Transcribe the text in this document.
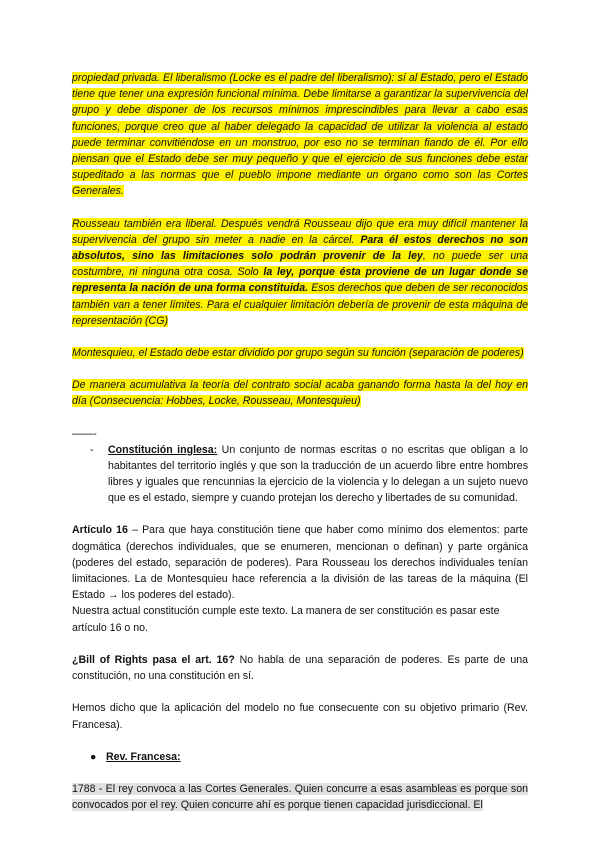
propiedad privada. El liberalismo (Locke es el padre del liberalismo): sí al Estado, pero el Estado tiene que tener una expresión funcional mínima. Debe limitarse a garantizar la supervivencia del grupo y debe disponer de los recursos mínimos imprescindibles para llevar a cabo esas funciones, porque creo que al haber delegado la capacidad de utilizar la violencia al estado puede terminar convitiéndose en un monstruo, por eso no se terminan fiando de él. Por ello piensan que el Estado debe ser muy pequeño y que el ejercicio de sus funciones debe estar supeditado a las normas que el pueblo impone mediante un órgano como son las Cortes Generales.

Rousseau también era liberal. Después vendrá Rousseau dijo que era muy difícil mantener la supervivencia del grupo sin meter a nadie en la cárcel. Para él estos derechos no son absolutos, sino las limitaciones solo podrán provenir de la ley, no puede ser una costumbre, ni ninguna otra cosa. Solo la ley, porque ésta proviene de un lugar donde se representa la nación de una forma constituida. Esos derechos que deben de ser reconocidos también van a tener límites. Para el cualquier limitación debería de provenir de esta máquina de representación (CG)

Montesquieu, el Estado debe estar dividido por grupo según su función (separación de poderes)

De manera acumulativa la teoría del contrato social acaba ganando forma hasta la del hoy en día (Consecuencia: Hobbes, Locke, Rousseau, Montesquieu)

——-
- Constitución inglesa: Un conjunto de normas escritas o no escritas que obligan a lo habitantes del territorio inglés y que son la traducción de un acuerdo libre entre hombres libres y iguales que rencunnias la ejercicio de la violencia y lo delegan a un sujeto nuevo que es el estado, siempre y cuando protejan los derecho y libertades de su comunidad.

Artículo 16 – Para que haya constitución tiene que haber como mínimo dos elementos: parte dogmática (derechos individuales, que se enumeren, mencionan o definan) y parte orgánica (poderes del estado, separación de poderes). Para Rousseau los derechos individuales tenían limitaciones. La de Montesquieu hace referencia a la división de las tareas de la máquina (El Estado → los poderes del estado).

Nuestra actual constitución cumple este texto. La manera de ser constitución es pasar este artículo 16 o no.

¿Bill of Rights pasa el art. 16? No habla de una separación de poderes. Es parte de una constitución, no una constitución en sí.

Hemos dicho que la aplicación del modelo no fue consecuente con su objetivo primario (Rev. Francesa).

● Rev. Francesa:

1788 - El rey convoca a las Cortes Generales. Quien concurre a esas asambleas es porque son convocados por el rey. Quien concurre ahí es porque tienen capacidad jurisdiccional. El
